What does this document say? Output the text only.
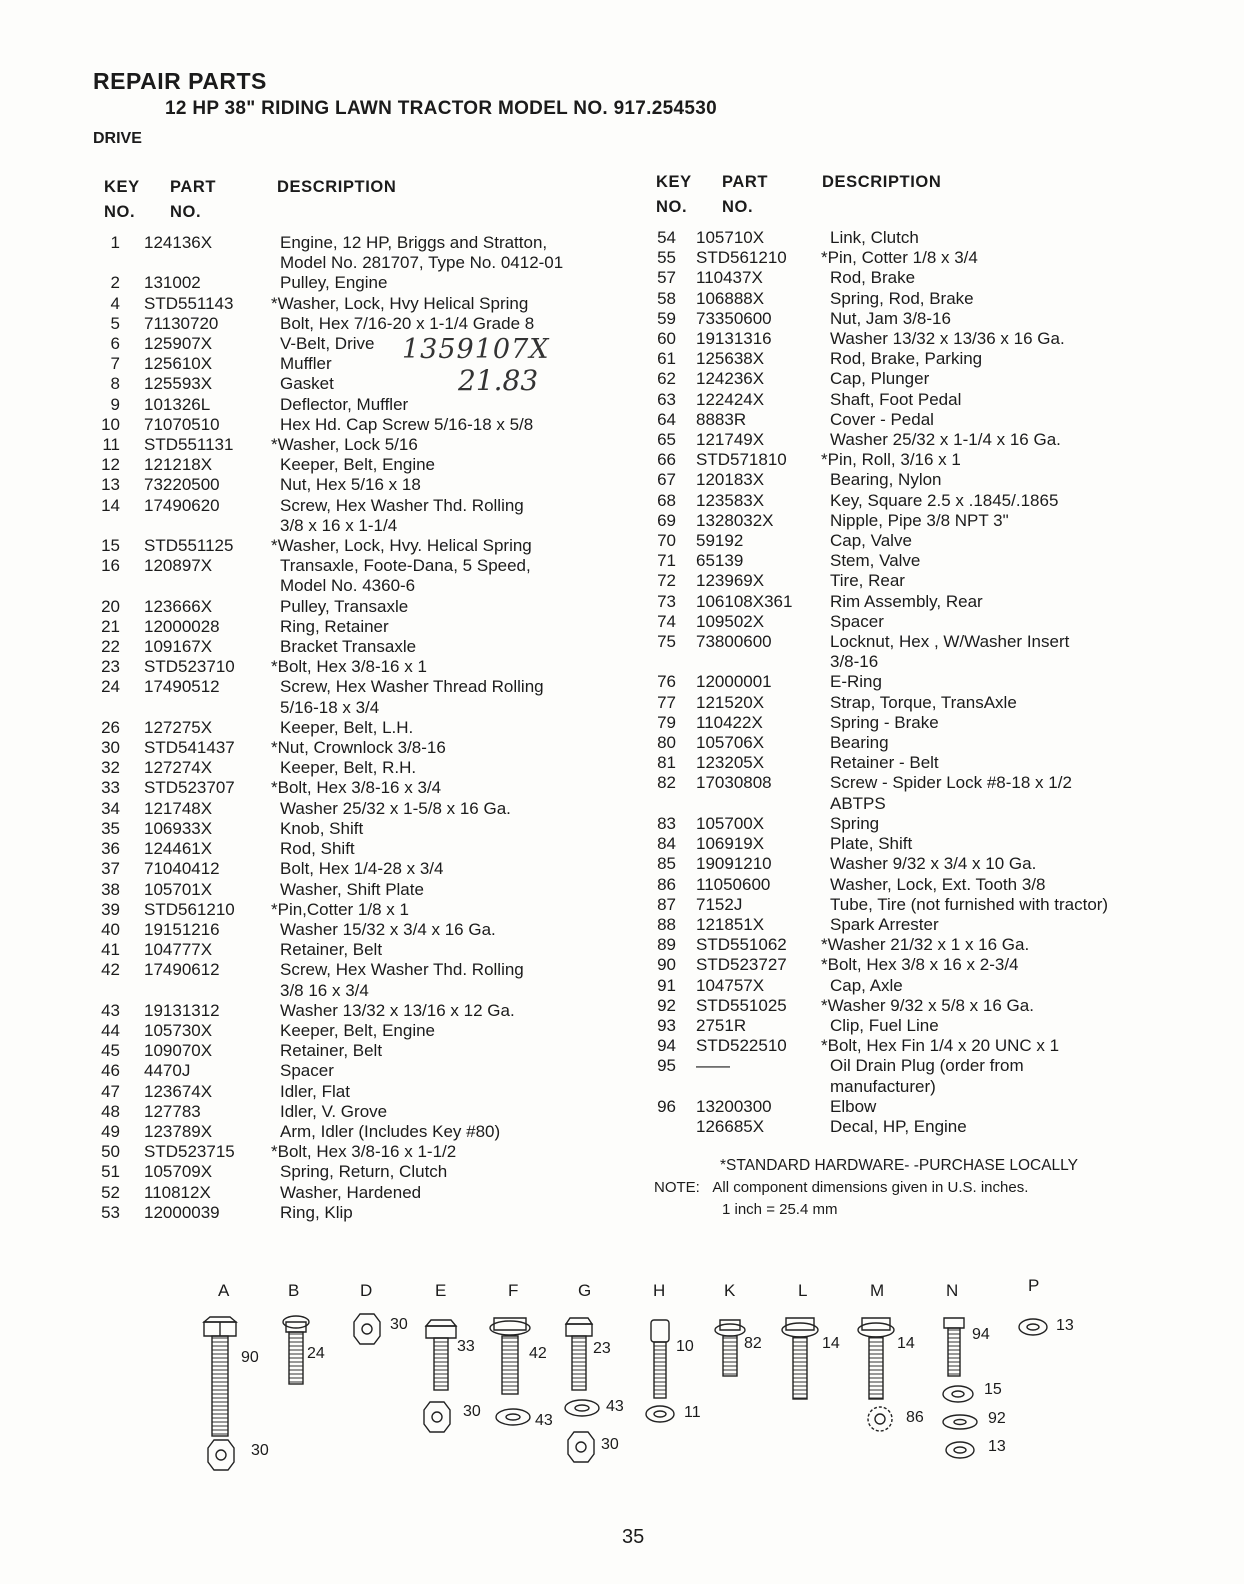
REPAIR PARTS
12 HP 38" RIDING LAWN TRACTOR MODEL NO. 917.254530
DRIVE
KEY
NO.
PART
NO.
DESCRIPTION	KEY
NO.
PART
NO.
DESCRIPTION
1 124136X	Engine, 12 HP, Briggs and Stratton,
Model No. 281707, Type No. 0412-01
2 131002	Pulley, Engine
4 STD551143 *Washer, Lock, Hvy Helical Spring
5 71130720	Bolt, Hex 7/16-20 x 1-1/4 Grade 8
6 125907X	V-Belt, Drive
7 125610X	Muffler
8 125593X	Gasket
9 101326L	Deflector, Muffler
10 71070510	Hex Hd. Cap Screw 5/16-18 x 5/8
11 STD551131 *Washer, Lock 5/16
12 121218X	Keeper, Belt, Engine
13 73220500	Nut, Hex 5/16 x 18
14 17490620	Screw, Hex Washer Thd. Rolling
3/8 x 16 x 1-1/4
15 STD551125 *Washer, Lock, Hvy. Helical Spring
16 120897X	Transaxle, Foote-Dana, 5 Speed,
Model No. 4360-6
20 123666X	Pulley, Transaxle
21 12000028	Ring, Retainer
22 109167X	Bracket Transaxle
23 STD523710 *Bolt, Hex 3/8-16 x 1
24 17490512	Screw, Hex Washer Thread Rolling
5/16-18 x 3/4
26 127275X	Keeper, Belt, L.H.
30 STD541437 *Nut, Crownlock 3/8-16
32 127274X	Keeper, Belt, R.H.
33 STD523707 *Bolt, Hex 3/8-16 x 3/4
34 121748X	Washer 25/32 x 1-5/8 x 16 Ga.
35 106933X	Knob, Shift
36 124461X	Rod, Shift
37 71040412	Bolt, Hex 1/4-28 x 3/4
38 105701X	Washer, Shift Plate
39 STD561210 *Pin,Cotter 1/8 x 1
40 19151216	Washer 15/32 x 3/4 x 16 Ga.
41 104777X	Retainer, Belt
42 17490612	Screw, Hex Washer Thd. Rolling
3/8 16 x 3/4
43 19131312	Washer 13/32 x 13/16 x 12 Ga.
44 105730X	Keeper, Belt, Engine
45 109070X	Retainer, Belt
46 4470J	Spacer
47 123674X	Idler, Flat
48 127783	Idler, V. Grove
49 123789X	Arm, Idler (Includes Key #80)
50 STD523715 *Bolt, Hex 3/8-16 x 1-1/2
51 105709X	Spring, Return, Clutch
52 110812X	Washer, Hardened
53 12000039	Ring, Klip
54 105710X	Link, Clutch
55 STD561210 *Pin, Cotter 1/8 x 3/4
57 110437X	Rod, Brake
58 106888X	Spring, Rod, Brake
59 73350600	Nut, Jam 3/8-16
60 19131316	Washer 13/32 x 13/36 x 16 Ga.
61 125638X	Rod, Brake, Parking
62 124236X	Cap, Plunger
63 122424X	Shaft, Foot Pedal
64 8883R	Cover - Pedal
65 121749X	Washer 25/32 x 1-1/4 x 16 Ga.
66 STD571810 *Pin, Roll, 3/16 x 1
67 120183X	Bearing, Nylon
68 123583X	Key, Square 2.5 x .1845/.1865
69 1328032X	Nipple, Pipe 3/8 NPT 3"
70 59192	Cap, Valve
71 65139	Stem, Valve
72 123969X	Tire, Rear
73 106108X361 Rim Assembly, Rear
74 109502X	Spacer
75 73800600	Locknut, Hex , W/Washer Insert
3/8-16
76 12000001	E-Ring
77 121520X	Strap, Torque, TransAxle
79 110422X	Spring - Brake
80 105706X	Bearing
81 123205X	Retainer - Belt
82 17030808	Screw - Spider Lock #8-18 x 1/2
ABTPS
83 105700X	Spring
84 106919X	Plate, Shift
85 19091210	Washer 9/32 x 3/4 x 10 Ga.
86 11050600	Washer, Lock, Ext. Tooth 3/8
87 7152J	Tube, Tire (not furnished with tractor)
88 121851X	Spark Arrester
89 STD551062 *Washer 21/32 x 1 x 16 Ga.
90 STD523727 *Bolt, Hex 3/8 x 16 x 2-3/4
91 104757X	Cap, Axle
92 STD551025 *Washer 9/32 x 5/8 x 16 Ga.
93 2751R	Clip, Fuel Line
94 STD522510 *Bolt, Hex Fin 1/4 x 20 UNC x 1
95 ——	Oil Drain Plug (order from
manufacturer)
96 13200300	Elbow
126685X	Decal, HP, Engine
1359107X
21.83
*STANDARD HARDWARE- -PURCHASE LOCALLY
NOTE: All component dimensions given in U.S. inches.
1 inch = 25.4 mm
A	B	D	E	F	G	H	K	L	M	N	P
90
30
24
30
33
30
42
43
23
43
30
10
11
82	14	14
86
94
15
92
13
13
35
